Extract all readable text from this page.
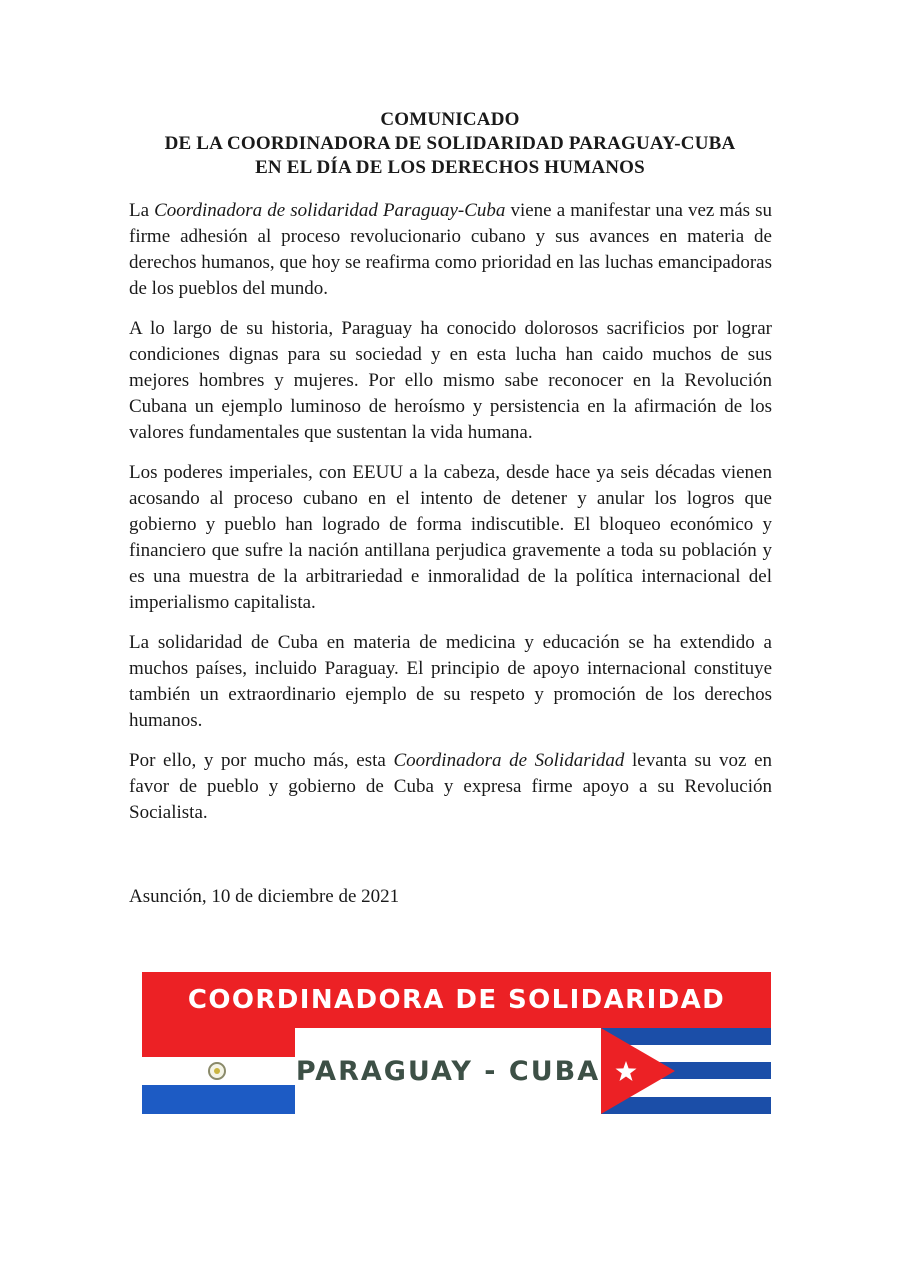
COMUNICADO
DE LA COORDINADORA DE SOLIDARIDAD PARAGUAY-CUBA
EN EL DÍA DE LOS DERECHOS HUMANOS

La Coordinadora de solidaridad Paraguay-Cuba viene a manifestar una vez más su firme adhesión al proceso revolucionario cubano y sus avances en materia de derechos humanos, que hoy se reafirma como prioridad en las luchas emancipadoras de los pueblos del mundo.

A lo largo de su historia, Paraguay ha conocido dolorosos sacrificios por lograr condiciones dignas para su sociedad y en esta lucha han caido muchos de sus mejores hombres y mujeres. Por ello mismo sabe reconocer en la Revolución Cubana un ejemplo luminoso de heroísmo y persistencia en la afirmación de los valores fundamentales que sustentan la vida humana.

Los poderes imperiales, con EEUU a la cabeza, desde hace ya seis décadas vienen acosando al proceso cubano en el intento de detener y anular los logros que gobierno y pueblo han logrado de forma indiscutible. El bloqueo económico y financiero que sufre la nación antillana perjudica gravemente a toda su población y es una muestra de la arbitrariedad e inmoralidad de la política internacional del imperialismo capitalista.

La solidaridad de Cuba en materia de medicina y educación se ha extendido a muchos países, incluido Paraguay. El principio de apoyo internacional constituye también un extraordinario ejemplo de su respeto y promoción de los derechos humanos.

Por ello, y por mucho más, esta Coordinadora de Solidaridad levanta su voz en favor de pueblo y gobierno de Cuba y expresa firme apoyo a su Revolución Socialista.

Asunción, 10 de diciembre de 2021
COORDINADORA DE SOLIDARIDAD
PARAGUAY - CUBA
